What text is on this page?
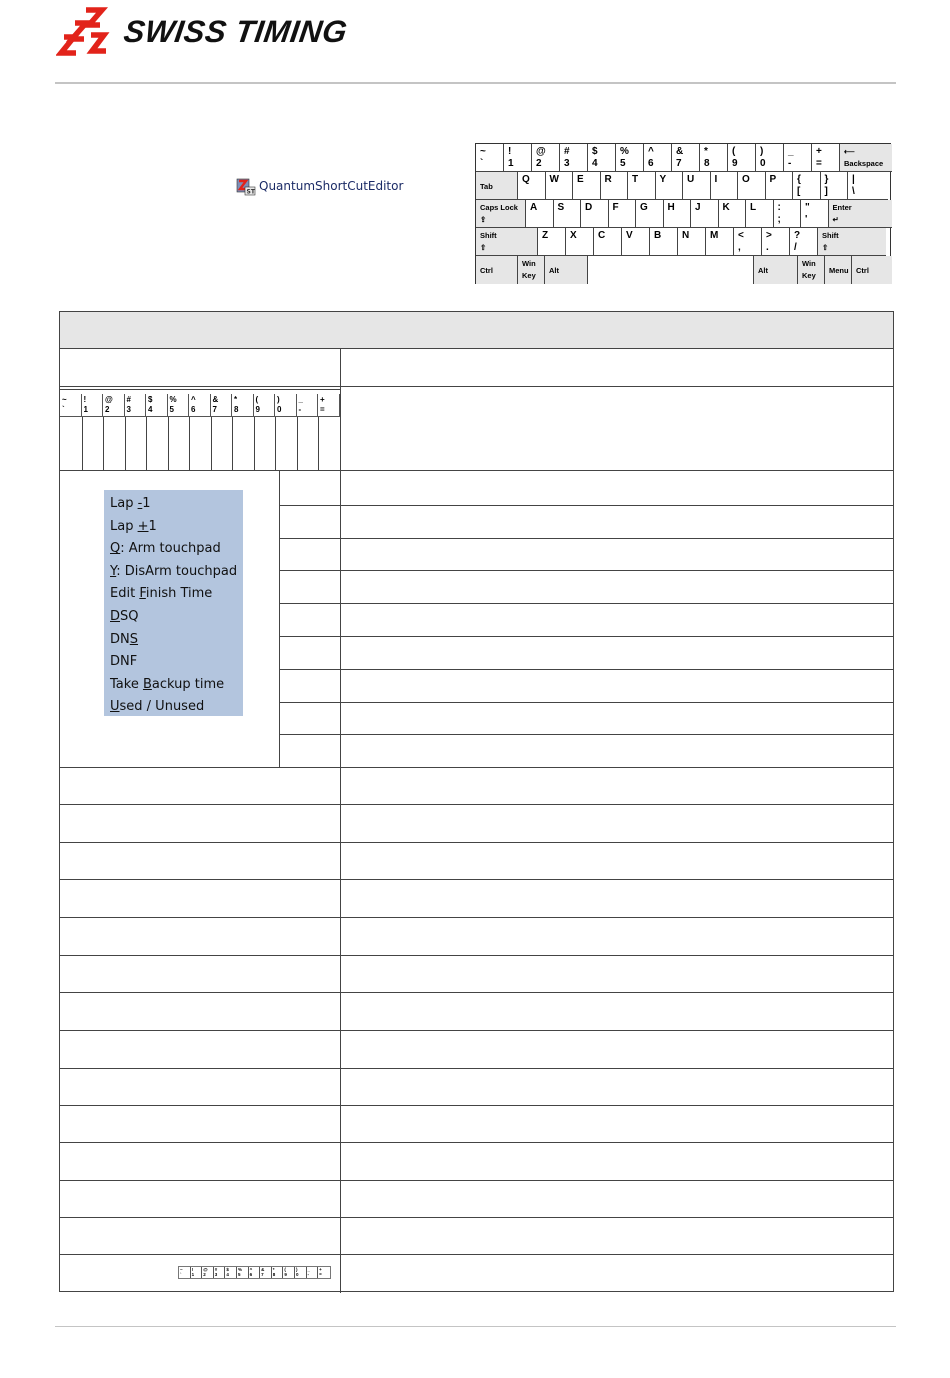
SWISS TIMING
ST QuantumShortCutEditor
~
`
!
1
@
2
#
3
$
4
%
5
^
6
&
7
*
8
(
9
)
0
_
-
+
=
⟵
Backspace
Tab
Q W E R T Y U I O P {
[
}
]
|
\
Caps Lock
⇪
A S D F G H J K L :
;
"
'
Enter
↵
Shift
⇧
Z X C V B N M <
,
>
.
?
/
Shift
⇧
Ctrl
Win
Key
Alt	Alt
Win
Key
Menu Ctrl
~
`
!
1
@
2
#
3
$
4
%
5
^
6
&
7
*
8
(
9
)
0
_
-
+
=
~
`
!
1
@
2
#
3
$
4
%
5
^
6
&
7
*
8
(
9
)
0
_
-
+
=
Lap -1
Lap +1
Q: Arm touchpad
Y: DisArm touchpad
Edit Finish Time
DSQ
DNS
DNF
Take Backup time
Used / Unused
